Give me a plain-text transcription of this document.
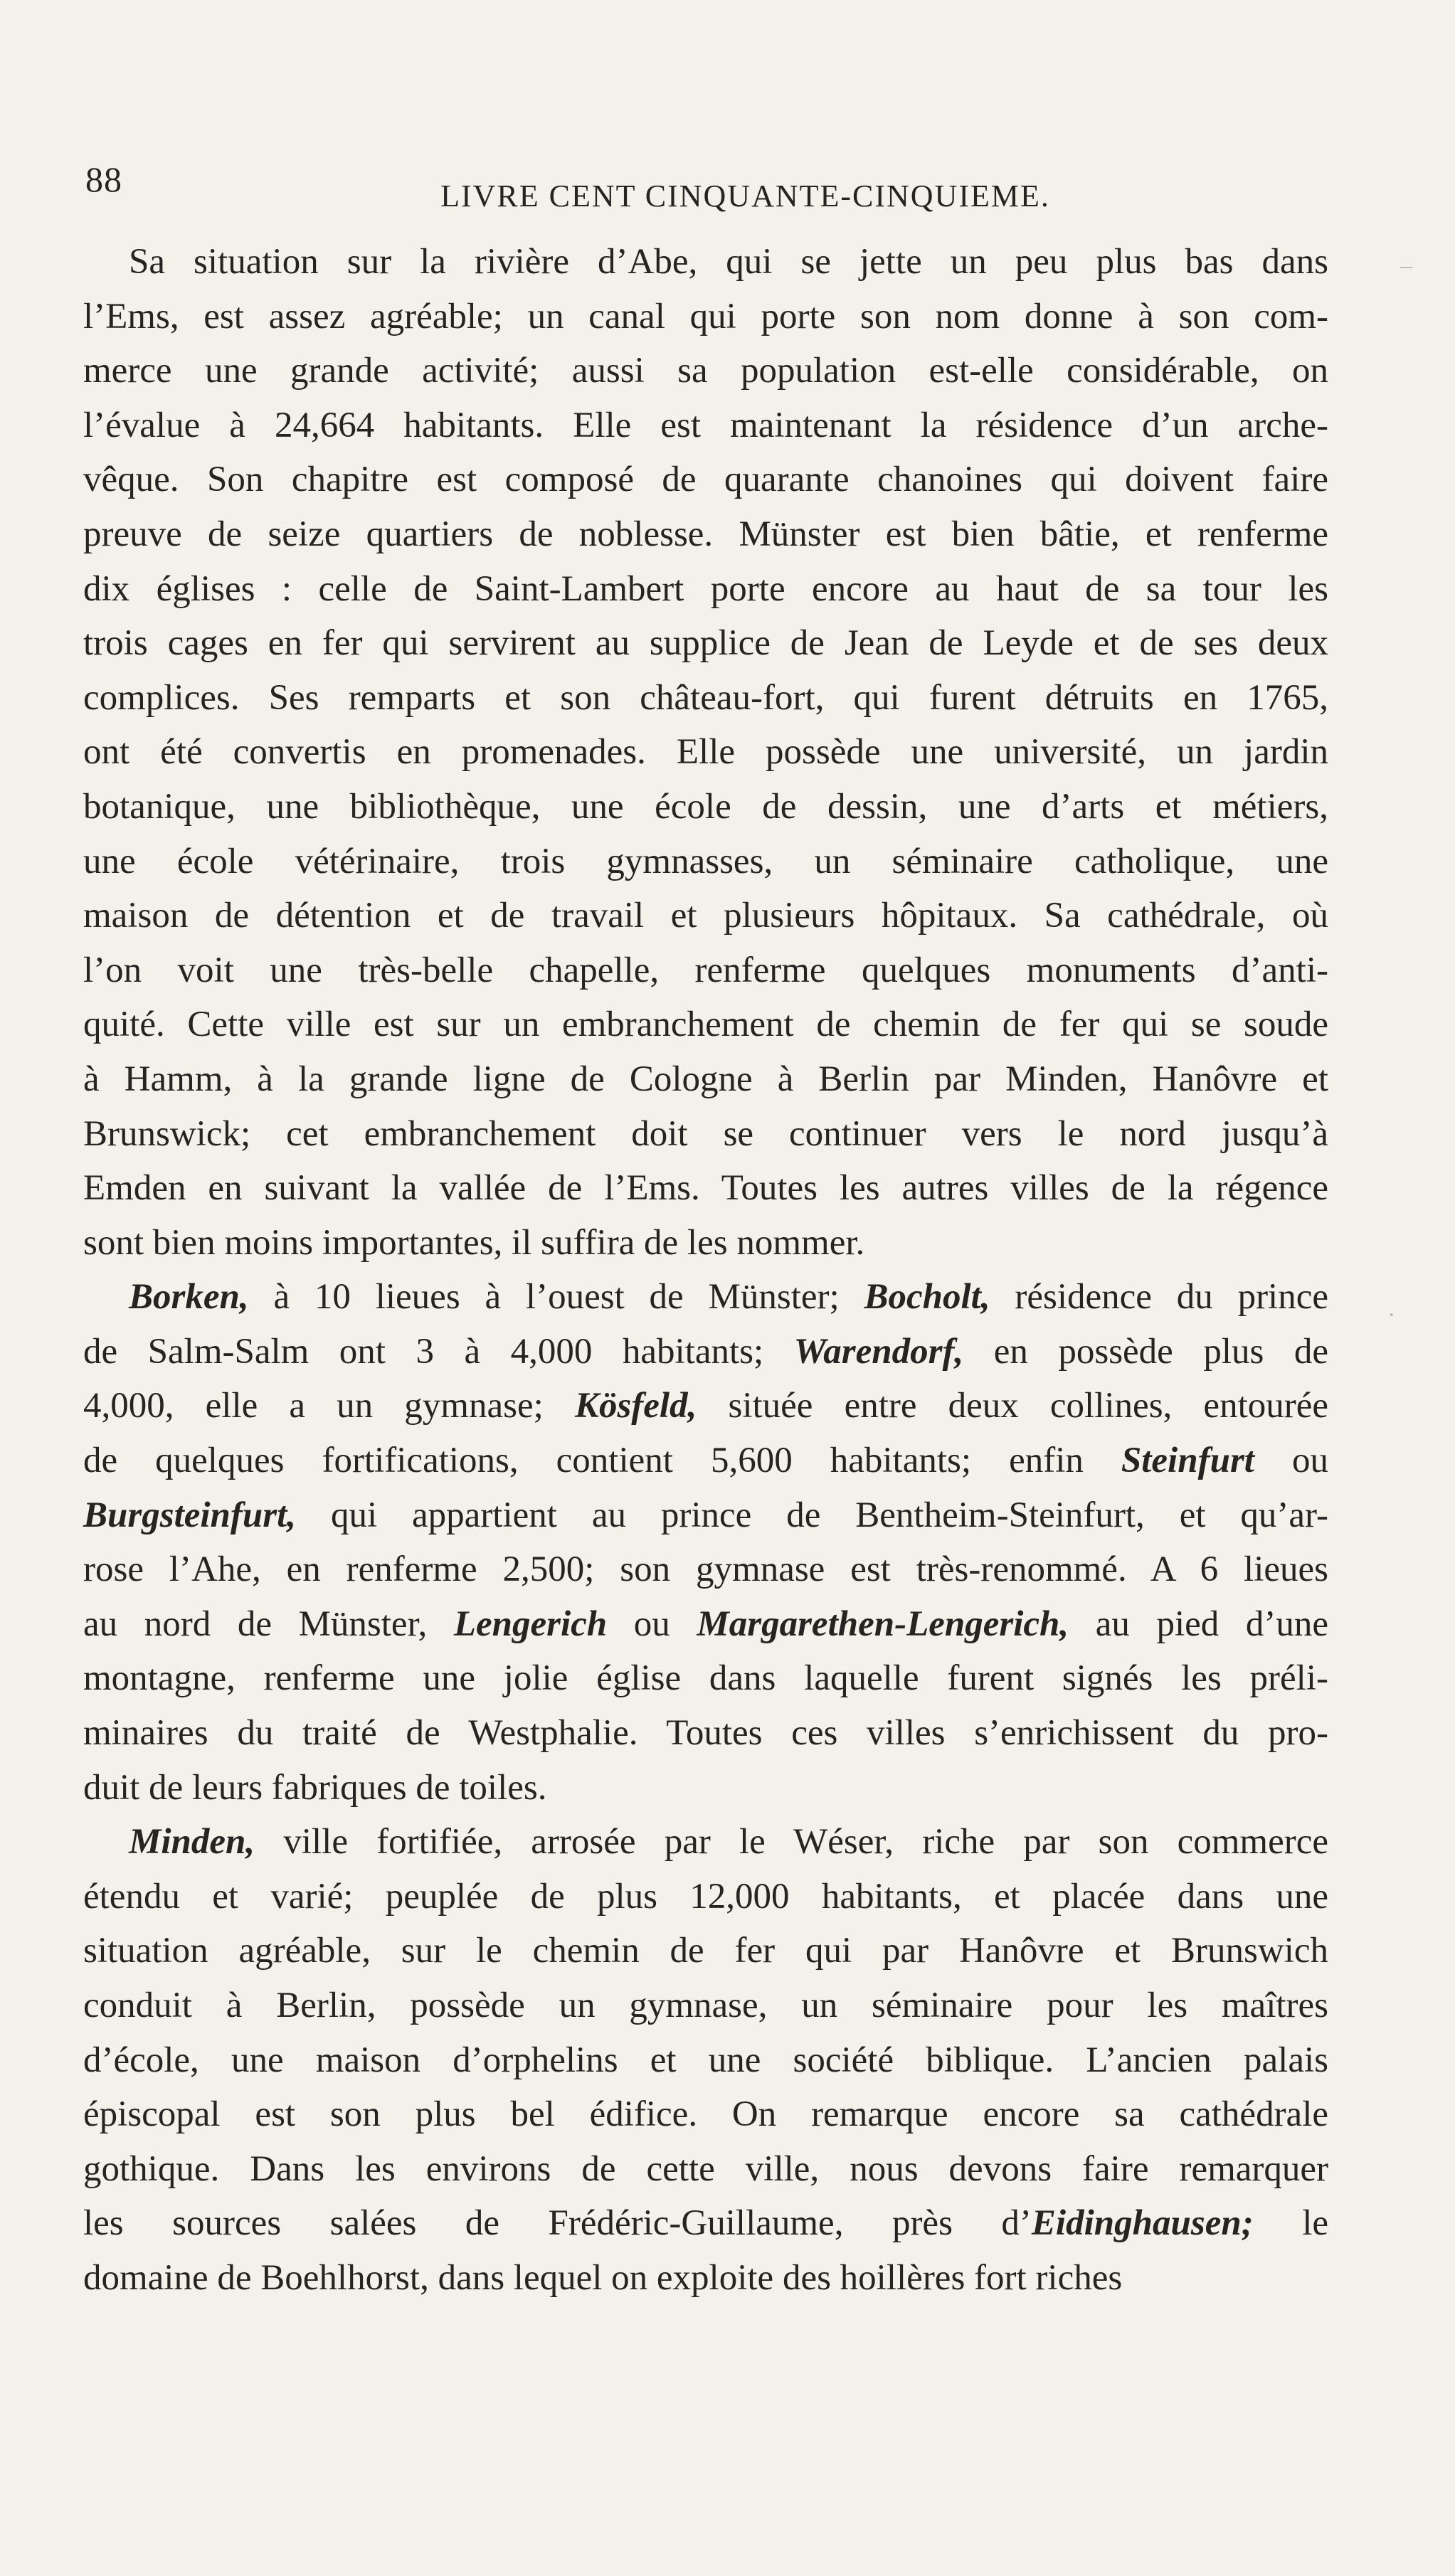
88	LIVRE CENT CINQUANTE-CINQUIEME.
Sa situation sur la rivière d’Abe, qui se jette un peu plus bas dans
l’Ems, est assez agréable; un canal qui porte son nom donne à son com-
merce une grande activité; aussi sa population est-elle considérable, on
l’évalue à 24,664 habitants. Elle est maintenant la résidence d’un arche-
vêque. Son chapitre est composé de quarante chanoines qui doivent faire
preuve de seize quartiers de noblesse. Münster est bien bâtie, et renferme
dix églises : celle de Saint-Lambert porte encore au haut de sa tour les
trois cages en fer qui servirent au supplice de Jean de Leyde et de ses deux
complices. Ses remparts et son château-fort, qui furent détruits en 1765,
ont été convertis en promenades. Elle possède une université, un jardin
botanique, une bibliothèque, une école de dessin, une d’arts et métiers,
une école vétérinaire, trois gymnasses, un séminaire catholique, une
maison de détention et de travail et plusieurs hôpitaux. Sa cathédrale, où
l’on voit une très-belle chapelle, renferme quelques monuments d’anti-
quité. Cette ville est sur un embranchement de chemin de fer qui se soude
à Hamm, à la grande ligne de Cologne à Berlin par Minden, Hanôvre et
Brunswick; cet embranchement doit se continuer vers le nord jusqu’à
Emden en suivant la vallée de l’Ems. Toutes les autres villes de la régence
sont bien moins importantes, il suffira de les nommer.
Borken, à 10 lieues à l’ouest de Münster; Bocholt, résidence du prince
de Salm-Salm ont 3 à 4,000 habitants; Warendorf, en possède plus de
4,000, elle a un gymnase; Kösfeld, située entre deux collines, entourée
de quelques fortifications, contient 5,600 habitants; enfin Steinfurt ou
Burgsteinfurt, qui appartient au prince de Bentheim-Steinfurt, et qu’ar-
rose l’Ahe, en renferme 2,500; son gymnase est très-renommé. A 6 lieues
au nord de Münster, Lengerich ou Margarethen-Lengerich, au pied d’une
montagne, renferme une jolie église dans laquelle furent signés les préli-
minaires du traité de Westphalie. Toutes ces villes s’enrichissent du pro-
duit de leurs fabriques de toiles.
Minden, ville fortifiée, arrosée par le Wéser, riche par son commerce
étendu et varié; peuplée de plus 12,000 habitants, et placée dans une
situation agréable, sur le chemin de fer qui par Hanôvre et Brunswich
conduit à Berlin, possède un gymnase, un séminaire pour les maîtres
d’école, une maison d’orphelins et une société biblique. L’ancien palais
épiscopal est son plus bel édifice. On remarque encore sa cathédrale
gothique. Dans les environs de cette ville, nous devons faire remarquer
les sources salées de Frédéric-Guillaume, près d’Eidinghausen; le
domaine de Boehlhorst, dans lequel on exploite des hoillères fort riches
–
·
